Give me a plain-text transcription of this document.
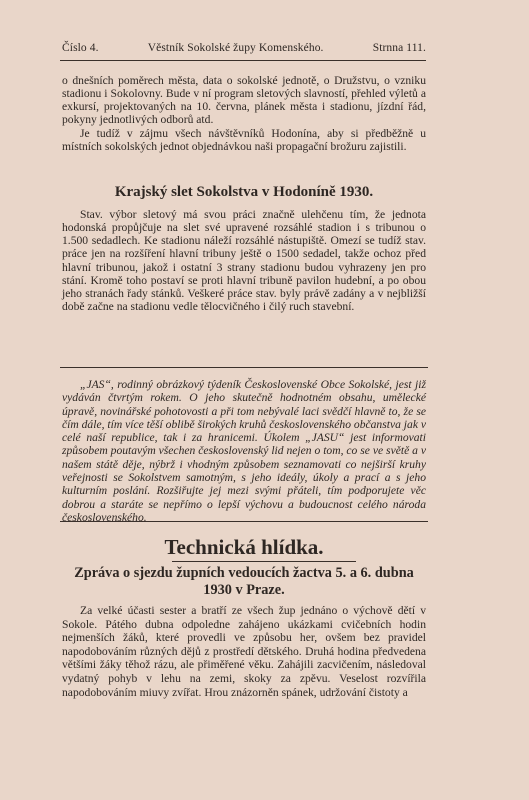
Číslo 4.	Věstník Sokolské župy Komenského.	Strnna 111.

o dnešních poměrech města, data o sokolské jednotě, o Družstvu, o vzniku stadionu i Sokolovny. Bude v ní program sletových slavností, přehled výletů a exkursí, projektovaných na 10. června, plánek města i stadionu, jízdní řád, pokyny jednotlivých odborů atd.

Je tudíž v zájmu všech návštěvníků Hodonína, aby si předběžně u místních sokolských jednot objednávkou naši propagační brožuru zajistili.

Krajský slet Sokolstva v Hodoníně 1930.

Stav. výbor sletový má svou práci značně ulehčenu tím, že jednota hodonská propůjčuje na slet své upravené rozsáhlé stadion i s tribunou o 1.500 sedadlech. Ke stadionu náleží rozsáhlé nástupiště. Omezí se tudíž stav. práce jen na rozšíření hlavní tribuny ještě o 1500 sedadel, takže ochoz před hlavní tribunou, jakož i ostatní 3 strany stadionu budou vyhrazeny jen pro stání. Kromě toho postaví se proti hlavní tribuně pavilon hudební, a po obou jeho stranách řady stánků. Veškeré práce stav. byly právě zadány a v nejbližší době začne na stadionu vedle tělocvičného i čilý ruch stavební.

„JAS“, rodinný obrázkový týdeník Československé Obce Sokolské, jest již vydáván čtvrtým rokem. O jeho skutečně hodnotném obsahu, umělecké úpravě, novinářské pohotovosti a při tom nebývalé laci svědčí hlavně to, že se čím dále, tím více těší oblibě širokých kruhů československého občanstva jak v celé naší republice, tak i za hranicemi. Úkolem „JASU“ jest informovati způsobem poutavým všechen československý lid nejen o tom, co se ve světě a v našem státě děje, nýbrž i vhodným způsobem seznamovati co nejširší kruhy veřejnosti se Sokolstvem samotným, s jeho ideály, úkoly a prací a s jeho kulturním poslání. Rozšiřujte jej mezi svými přáteli, tím podporujete věc dobrou a staráte se nepřímo o lepší výchovu a budoucnost celého národa československého.

Technická hlídka.
Zpráva o sjezdu župních vedoucích žactva 5. a 6. dubna 1930 v Praze.

Za velké účasti sester a bratří ze všech žup jednáno o výchově dětí v Sokole. Pátého dubna odpoledne zahájeno ukázkami cvičebních hodin nejmenších žáků, které provedli ve způsobu her, ovšem bez pravidel napodobováním různých dějů z prostředí dětského. Druhá hodina předvedena většími žáky těhož rázu, ale přiměřené věku. Zahájili zacvičením, následoval vydatný pohyb v lehu na zemi, skoky za zpěvu. Veselost rozvířila napodobováním miuvy zvířat. Hrou znázorněn spánek, udržování čistoty a
